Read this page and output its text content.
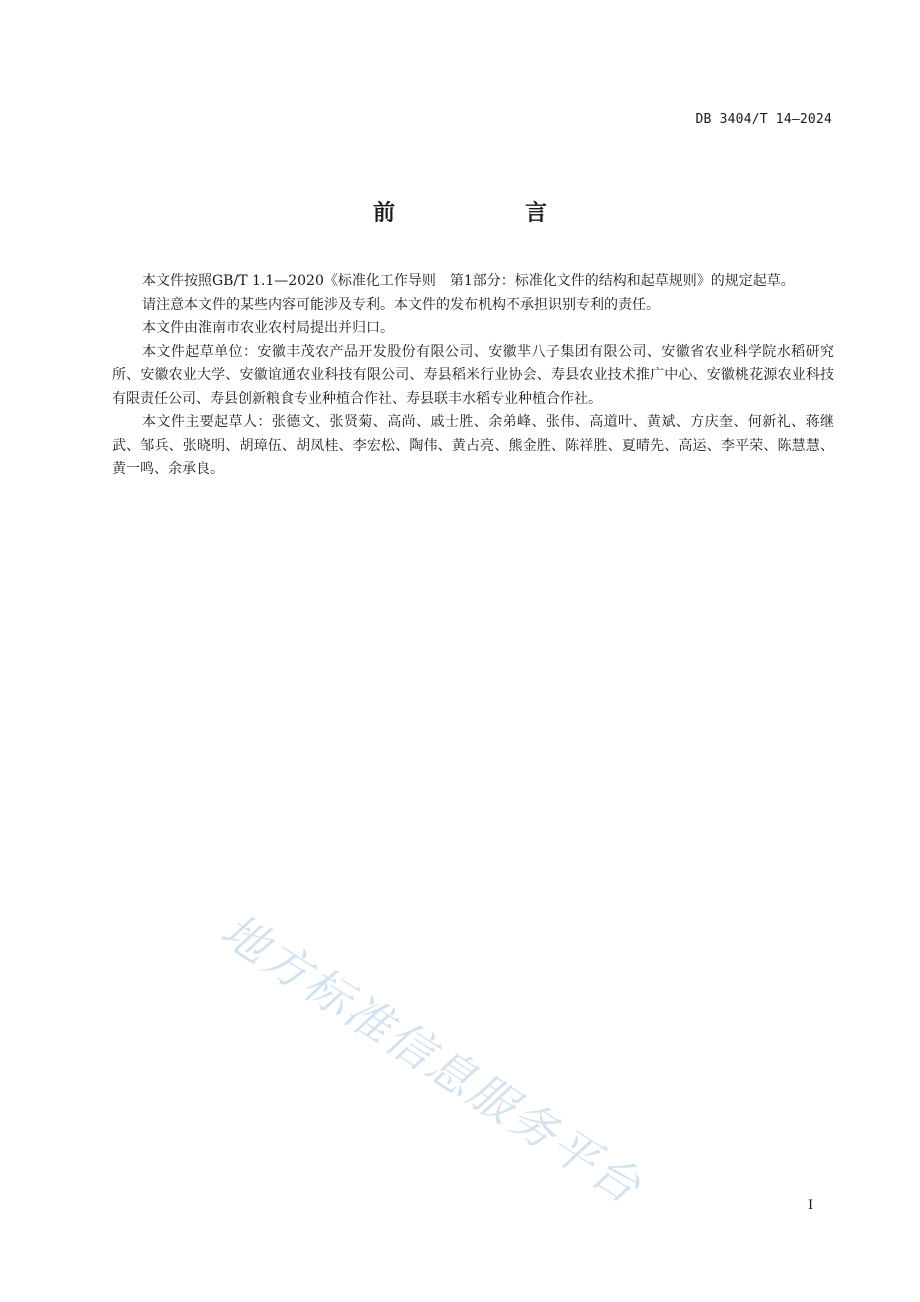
DB 3404/T 14—2024
前　言

本文件按照GB/T 1.1—2020《标准化工作导则　第1部分：标准化文件的结构和起草规则》的规定起草。

请注意本文件的某些内容可能涉及专利。本文件的发布机构不承担识别专利的责任。

本文件由淮南市农业农村局提出并归口。

本文件起草单位：安徽丰茂农产品开发股份有限公司、安徽芈八子集团有限公司、安徽省农业科学院水稻研究所、安徽农业大学、安徽谊通农业科技有限公司、寿县稻米行业协会、寿县农业技术推广中心、安徽桃花源农业科技有限责任公司、寿县创新粮食专业种植合作社、寿县联丰水稻专业种植合作社。

本文件主要起草人：张德文、张贤菊、高尚、戚士胜、余弟峰、张伟、高道叶、黄斌、方庆奎、何新礼、蒋继武、邹兵、张晓明、胡璋伍、胡凤桂、李宏松、陶伟、黄占亮、熊金胜、陈祥胜、夏晴先、高运、李平荣、陈慧慧、黄一鸣、余承良。

地方标准信息服务平台	I
